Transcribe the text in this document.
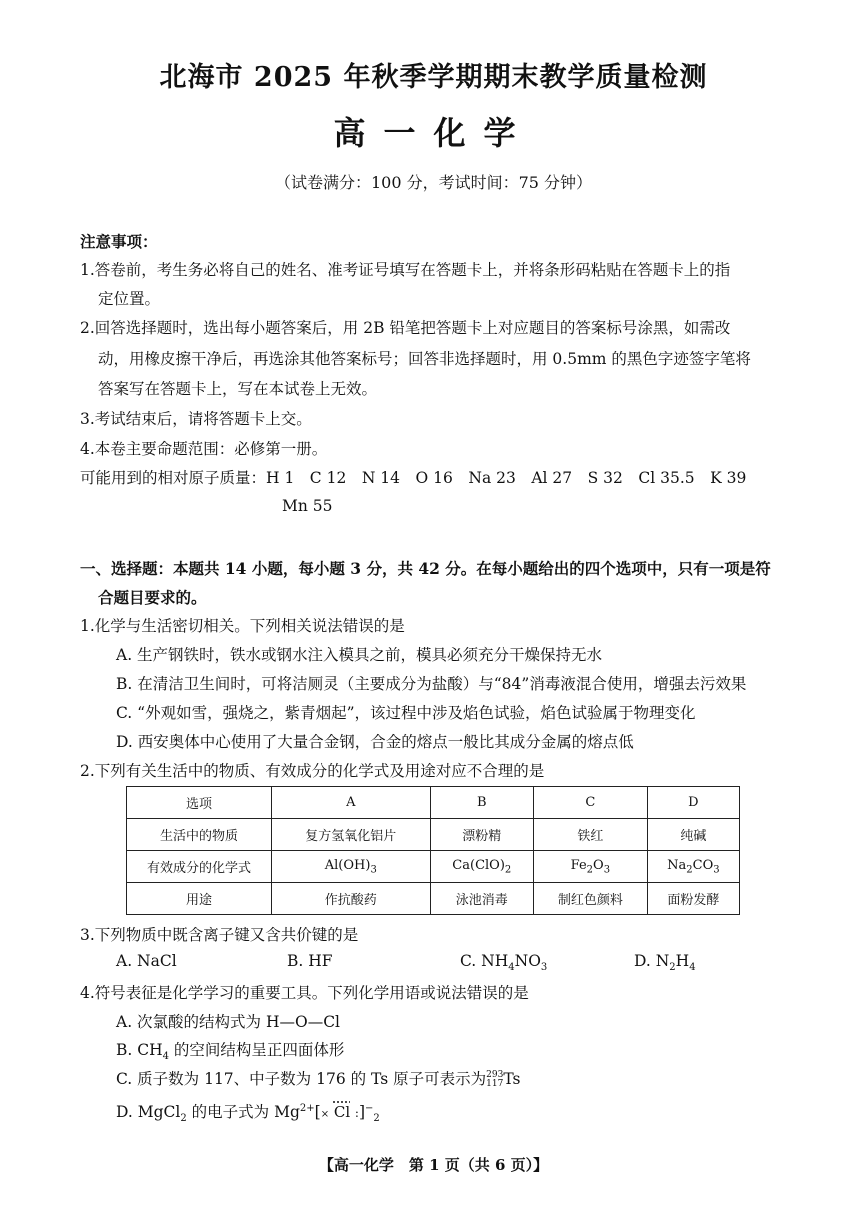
北海市 2025 年秋季学期期末教学质量检测
高一化学
（试卷满分：100 分，考试时间：75 分钟）
注意事项：
1.答卷前，考生务必将自己的姓名、准考证号填写在答题卡上，并将条形码粘贴在答题卡上的指
定位置。
2.回答选择题时，选出每小题答案后，用 2B 铅笔把答题卡上对应题目的答案标号涂黑，如需改
动，用橡皮擦干净后，再选涂其他答案标号；回答非选择题时，用 0.5mm 的黑色字迹签字笔将
答案写在答题卡上，写在本试卷上无效。
3.考试结束后，请将答题卡上交。
4.本卷主要命题范围：必修第一册。
可能用到的相对原子质量：H 1　C 12　N 14　O 16　Na 23　Al 27　S 32　Cl 35.5　K 39
Mn 55
一、选择题：本题共 14 小题，每小题 3 分，共 42 分。在每小题给出的四个选项中，只有一项是符
合题目要求的。
1.化学与生活密切相关。下列相关说法错误的是
A. 生产钢铁时，铁水或钢水注入模具之前，模具必须充分干燥保持无水
B. 在清洁卫生间时，可将洁厕灵（主要成分为盐酸）与“84”消毒液混合使用，增强去污效果
C. “外观如雪，强烧之，紫青烟起”，该过程中涉及焰色试验，焰色试验属于物理变化
D. 西安奥体中心使用了大量合金钢，合金的熔点一般比其成分金属的熔点低
2.下列有关生活中的物质、有效成分的化学式及用途对应不合理的是
选项	A	B	C	D
生活中的物质	复方氢氧化铝片	漂粉精	铁红	纯碱
有效成分的化学式	$Al(OH)_3$	$Ca(ClO)_2$	$Fe_2O_3$	$Na_2CO_3$
用途	作抗酸药	泳池消毒	制红色颜料	面粉发酵
3.下列物质中既含离子键又含共价键的是
A. NaCl	B. HF	C. $NH_4NO_3$	D. $N_2H_4$
4.符号表征是化学学习的重要工具。下列化学用语或说法错误的是
A. 次氯酸的结构式为 H—O—Cl
B. $CH_4$ 的空间结构呈正四面体形
C. 质子数为 117、中子数为 176 的 Ts 原子可表示为293
117Ts
D. MgCl$_2$ 的电子式为 $Mg^{2+}[\times Cl$ $:]^-_2$
【高一化学　第 1 页（共 6 页）】
